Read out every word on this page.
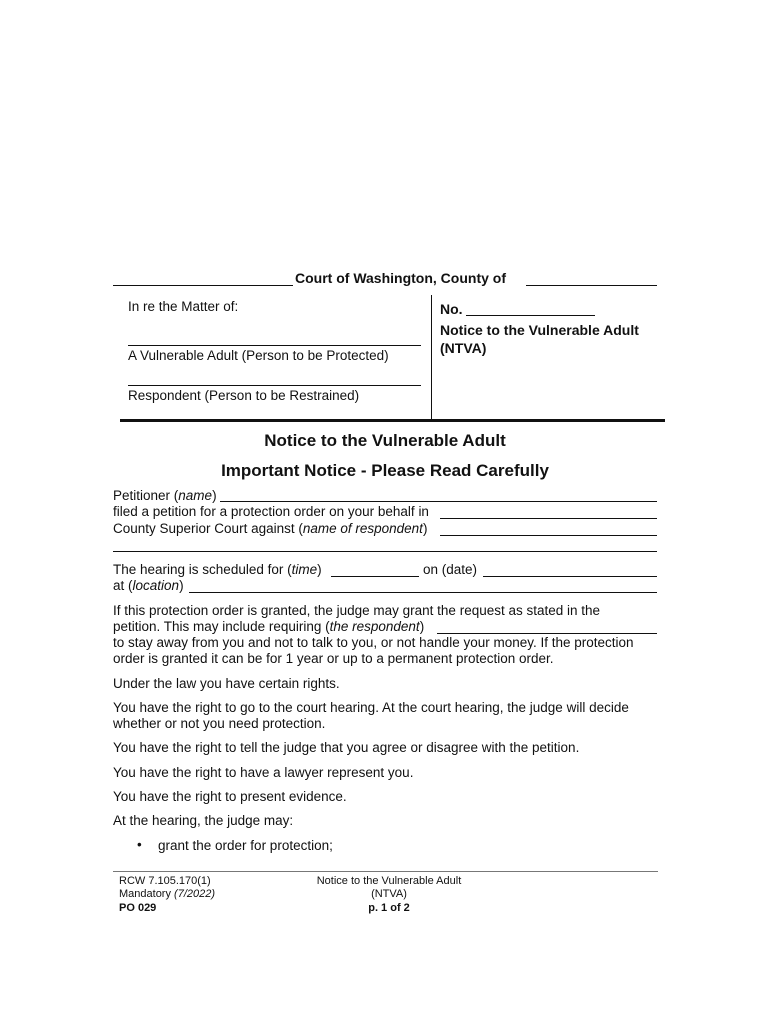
Court of Washington, County of
In re the Matter of:
A Vulnerable Adult (Person to be Protected)
Respondent (Person to be Restrained)
No.
Notice to the Vulnerable Adult
(NTVA)
Notice to the Vulnerable Adult
Important Notice - Please Read Carefully
Petitioner (name)
filed a petition for a protection order on your behalf in
County Superior Court against (name of respondent)
The hearing is scheduled for (time)	on (date)
at (location)
If this protection order is granted, the judge may grant the request as stated in the
petition. This may include requiring (the respondent)
to stay away from you and not to talk to you, or not handle your money. If the protection
order is granted it can be for 1 year or up to a permanent protection order.
Under the law you have certain rights.
You have the right to go to the court hearing. At the court hearing, the judge will decide
whether or not you need protection.
You have the right to tell the judge that you agree or disagree with the petition.
You have the right to have a lawyer represent you.
You have the right to present evidence.
At the hearing, the judge may:
• grant the order for protection;
RCW 7.105.170(1)
Mandatory (7/2022)
PO 029
Notice to the Vulnerable Adult
(NTVA)
p. 1 of 2
